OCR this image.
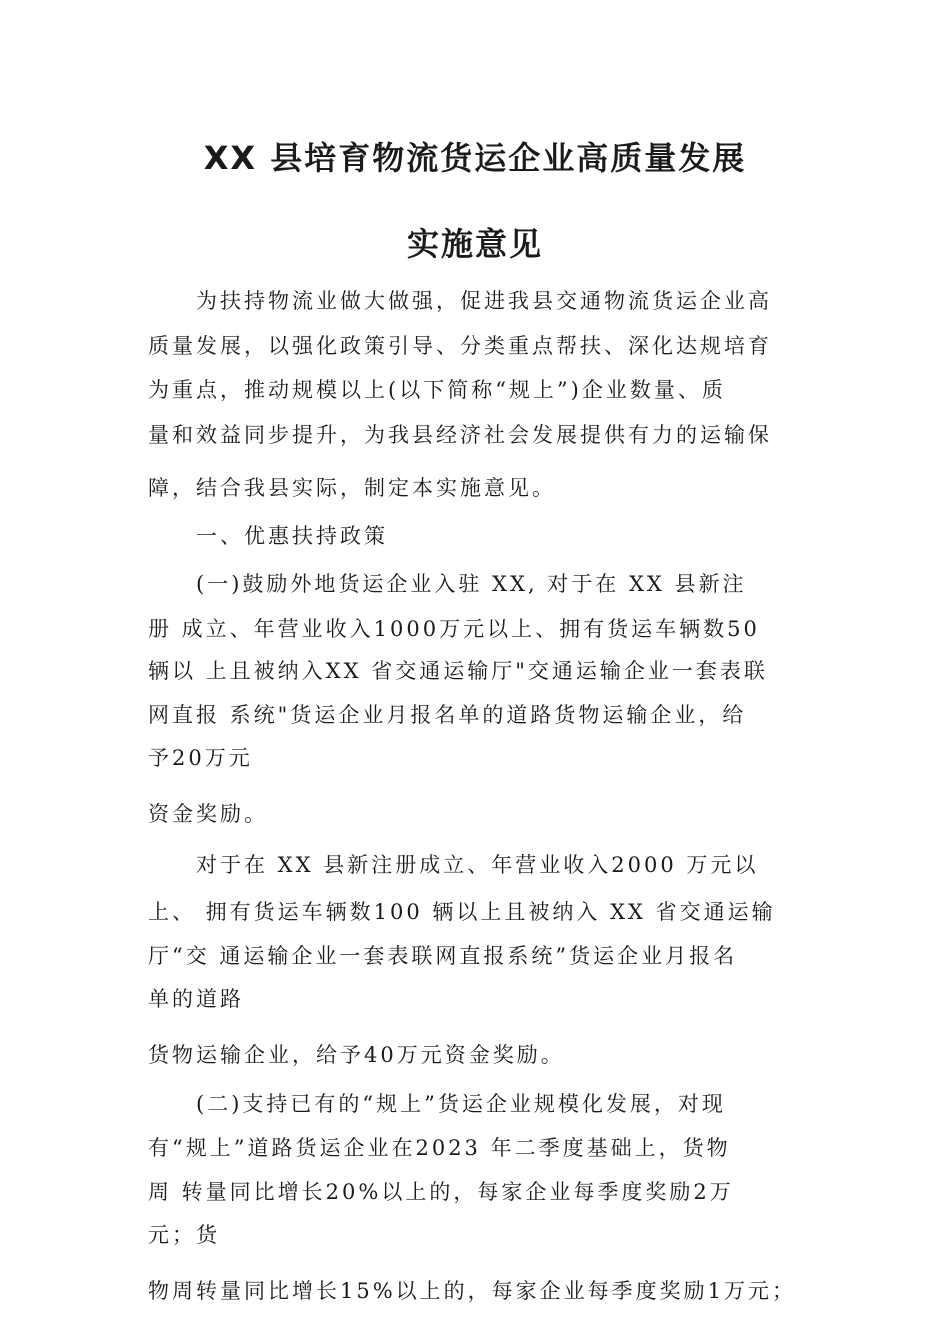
XX 县培育物流货运企业高质量发展
实施意见
　　为扶持物流业做大做强，促进我县交通物流货运企业高
质量发展，以强化政策引导、分类重点帮扶、深化达规培育
为重点，推动规模以上(以下简称“规上”)企业数量、质
量和效益同步提升，为我县经济社会发展提供有力的运输保
障，结合我县实际，制定本实施意见。
　　一、优惠扶持政策
　　(一)鼓励外地货运企业入驻 XX, 对于在 XX 县新注
册 成立、年营业收入1000万元以上、拥有货运车辆数50
辆以 上且被纳入XX 省交通运输厅"交通运输企业一套表联
网直报 系统"货运企业月报名单的道路货物运输企业，给
予20万元
资金奖励。
　　对于在 XX 县新注册成立、年营业收入2000 万元以
上、 拥有货运车辆数100 辆以上且被纳入 XX 省交通运输
厅“交 通运输企业一套表联网直报系统”货运企业月报名
单的道路
货物运输企业，给予40万元资金奖励。
　　(二)支持已有的“规上”货运企业规模化发展，对现
有“规上”道路货运企业在2023 年二季度基础上，货物
周 转量同比增长20%以上的，每家企业每季度奖励2万
元；货
物周转量同比增长15%以上的，每家企业每季度奖励1万元；
